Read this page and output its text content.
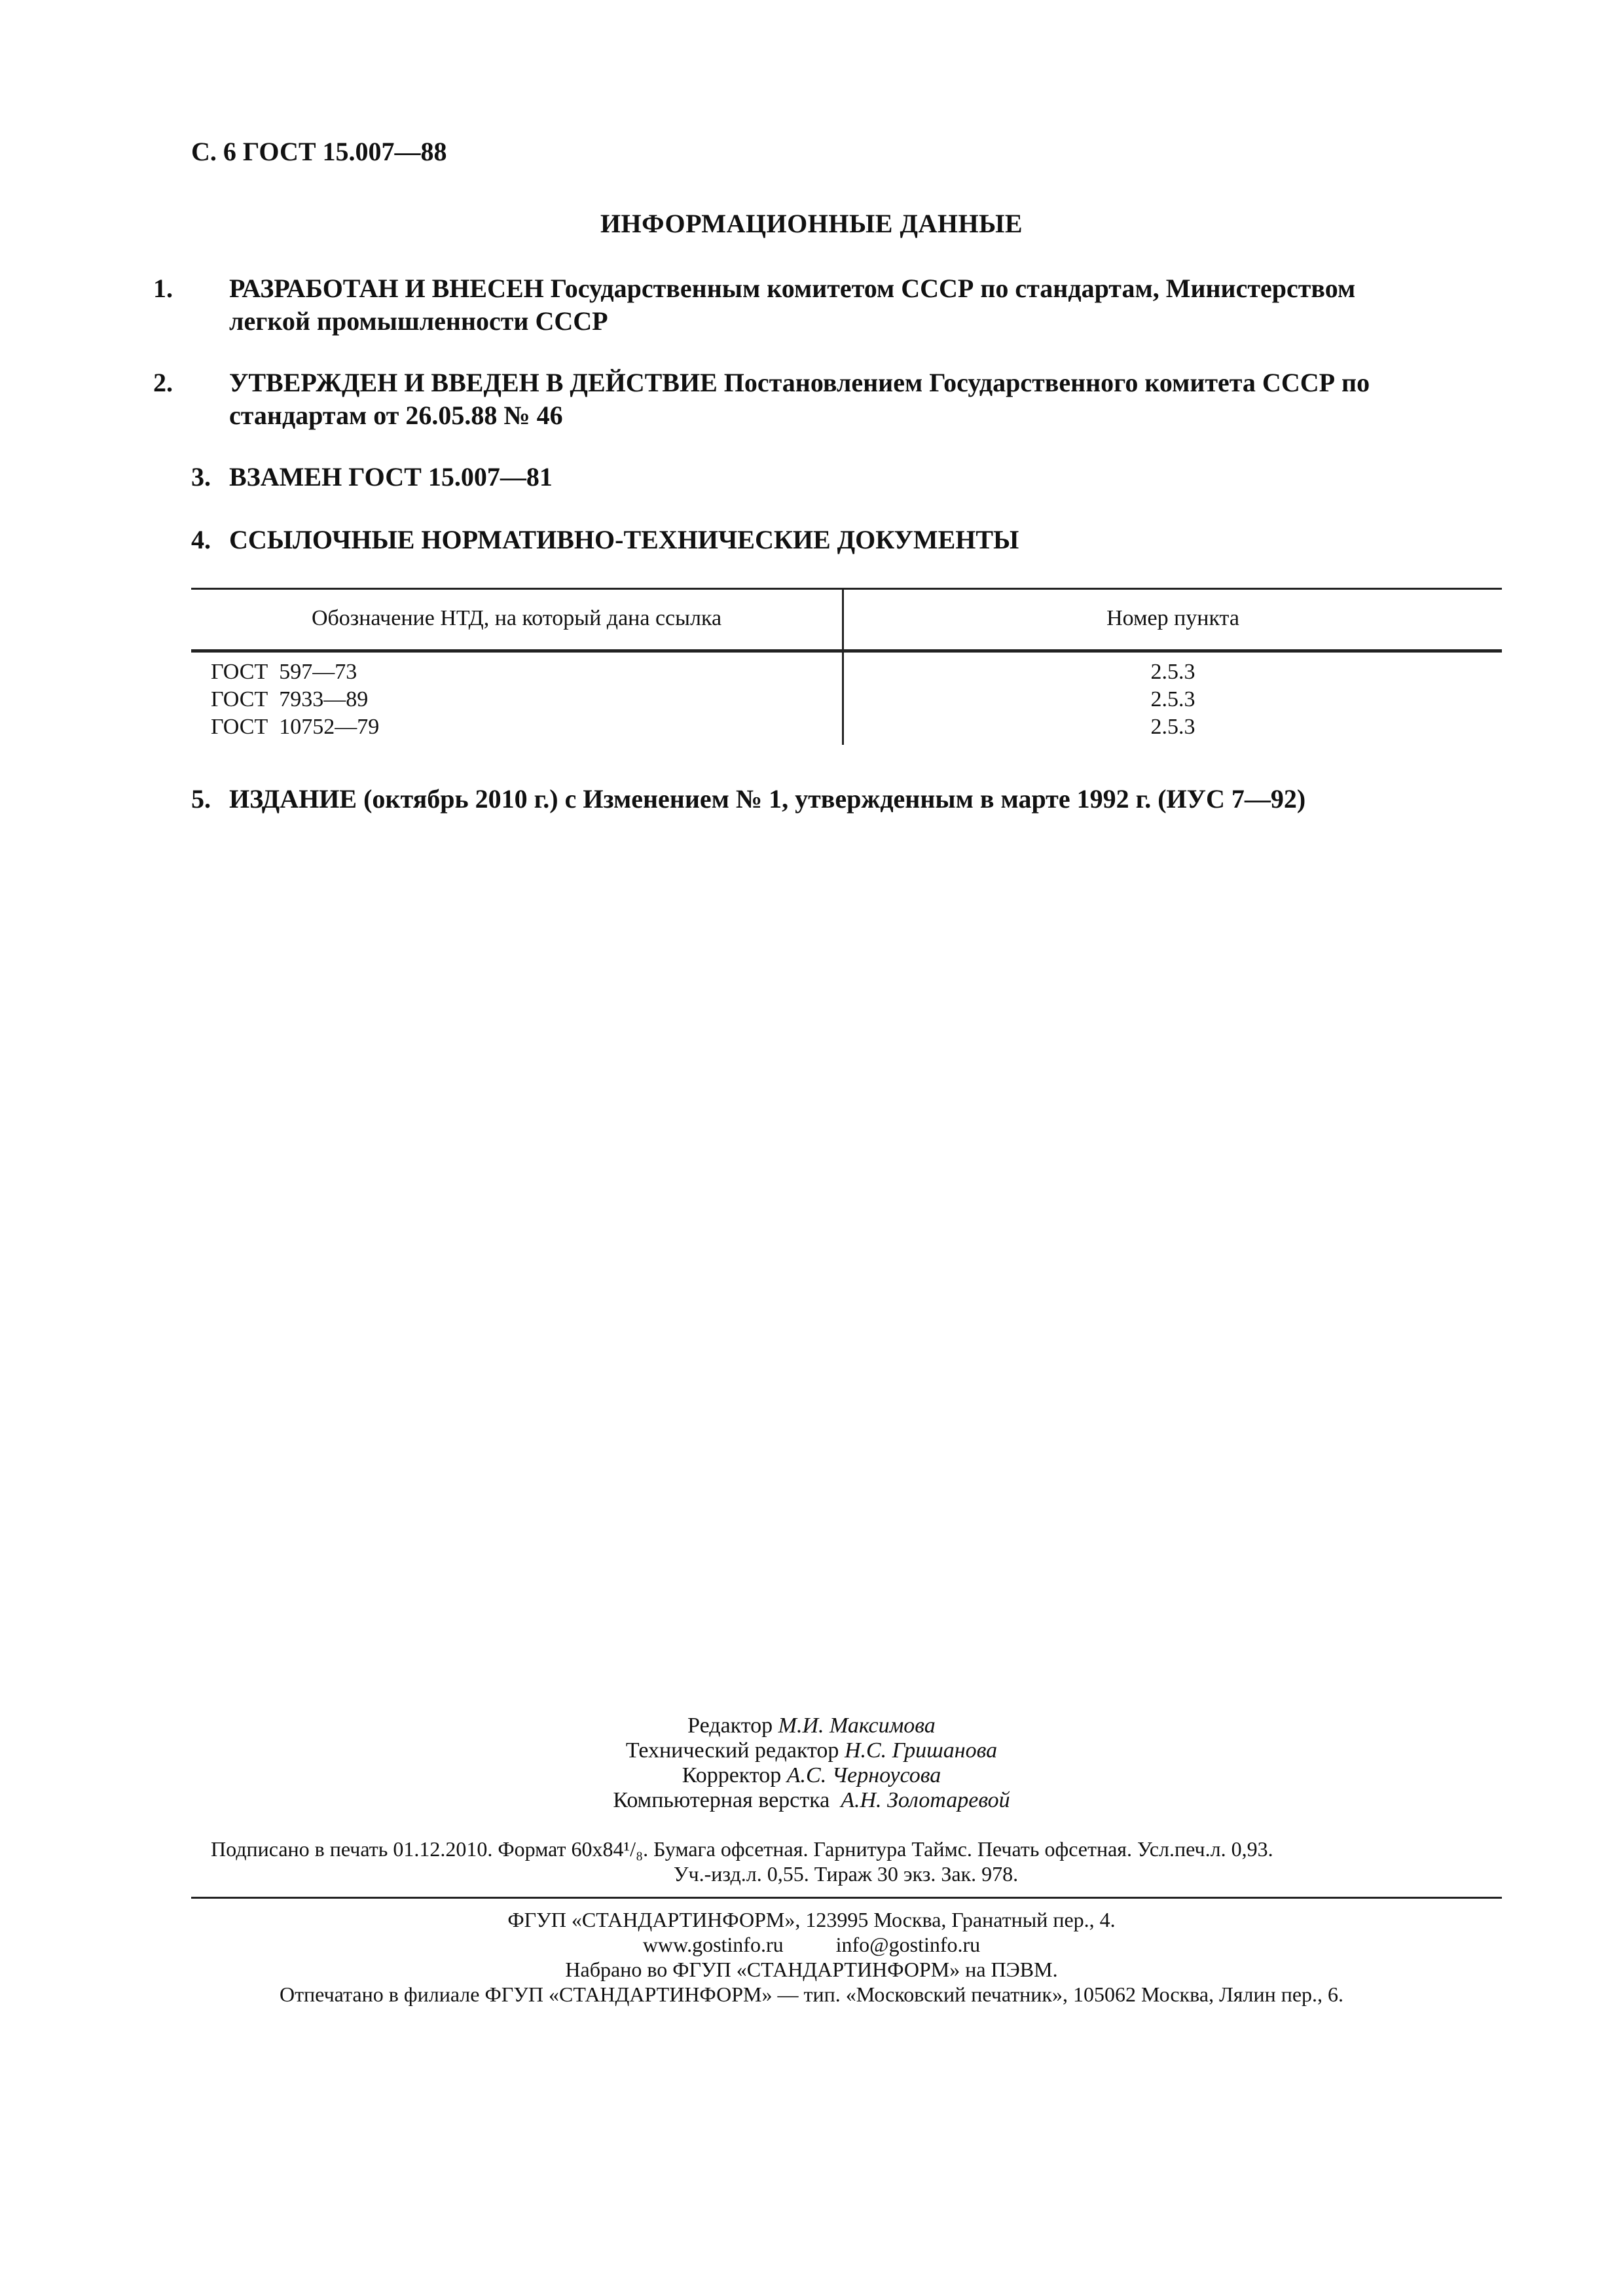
С. 6 ГОСТ 15.007—88
ИНФОРМАЦИОННЫЕ ДАННЫЕ
1. РАЗРАБОТАН И ВНЕСЕН Государственным комитетом СССР по стандартам, Министерством
легкой промышленности СССР
2. УТВЕРЖДЕН И ВВЕДЕН В ДЕЙСТВИЕ Постановлением Государственного комитета СССР по
стандартам от 26.05.88 № 46
3. ВЗАМЕН ГОСТ 15.007—81
4. ССЫЛОЧНЫЕ НОРМАТИВНО-ТЕХНИЧЕСКИЕ ДОКУМЕНТЫ
Обозначение НТД, на который дана ссылка	Номер пункта
ГОСТ  597—73	2.5.3
ГОСТ  7933—89	2.5.3
ГОСТ  10752—79	2.5.3
5. ИЗДАНИЕ (октябрь 2010 г.) с Изменением № 1, утвержденным в марте 1992 г. (ИУС 7—92)
Редактор М.И. Максимова
Технический редактор Н.С. Гришанова
Корректор А.С. Черноусова
Компьютерная верстка А.Н. Золотаревой
Подписано в печать 01.12.2010. Формат 60х84¹/₈. Бумага офсетная. Гарнитура Таймс. Печать офсетная. Усл.печ.л. 0,93.
Уч.-изд.л. 0,55. Тираж 30 экз. Зак. 978.
ФГУП «СТАНДАРТИНФОРМ», 123995 Москва, Гранатный пер., 4.
www.gostinfo.ru	info@gostinfo.ru
Набрано во ФГУП «СТАНДАРТИНФОРМ» на ПЭВМ.
Отпечатано в филиале ФГУП «СТАНДАРТИНФОРМ» — тип. «Московский печатник», 105062 Москва, Лялин пер., 6.
